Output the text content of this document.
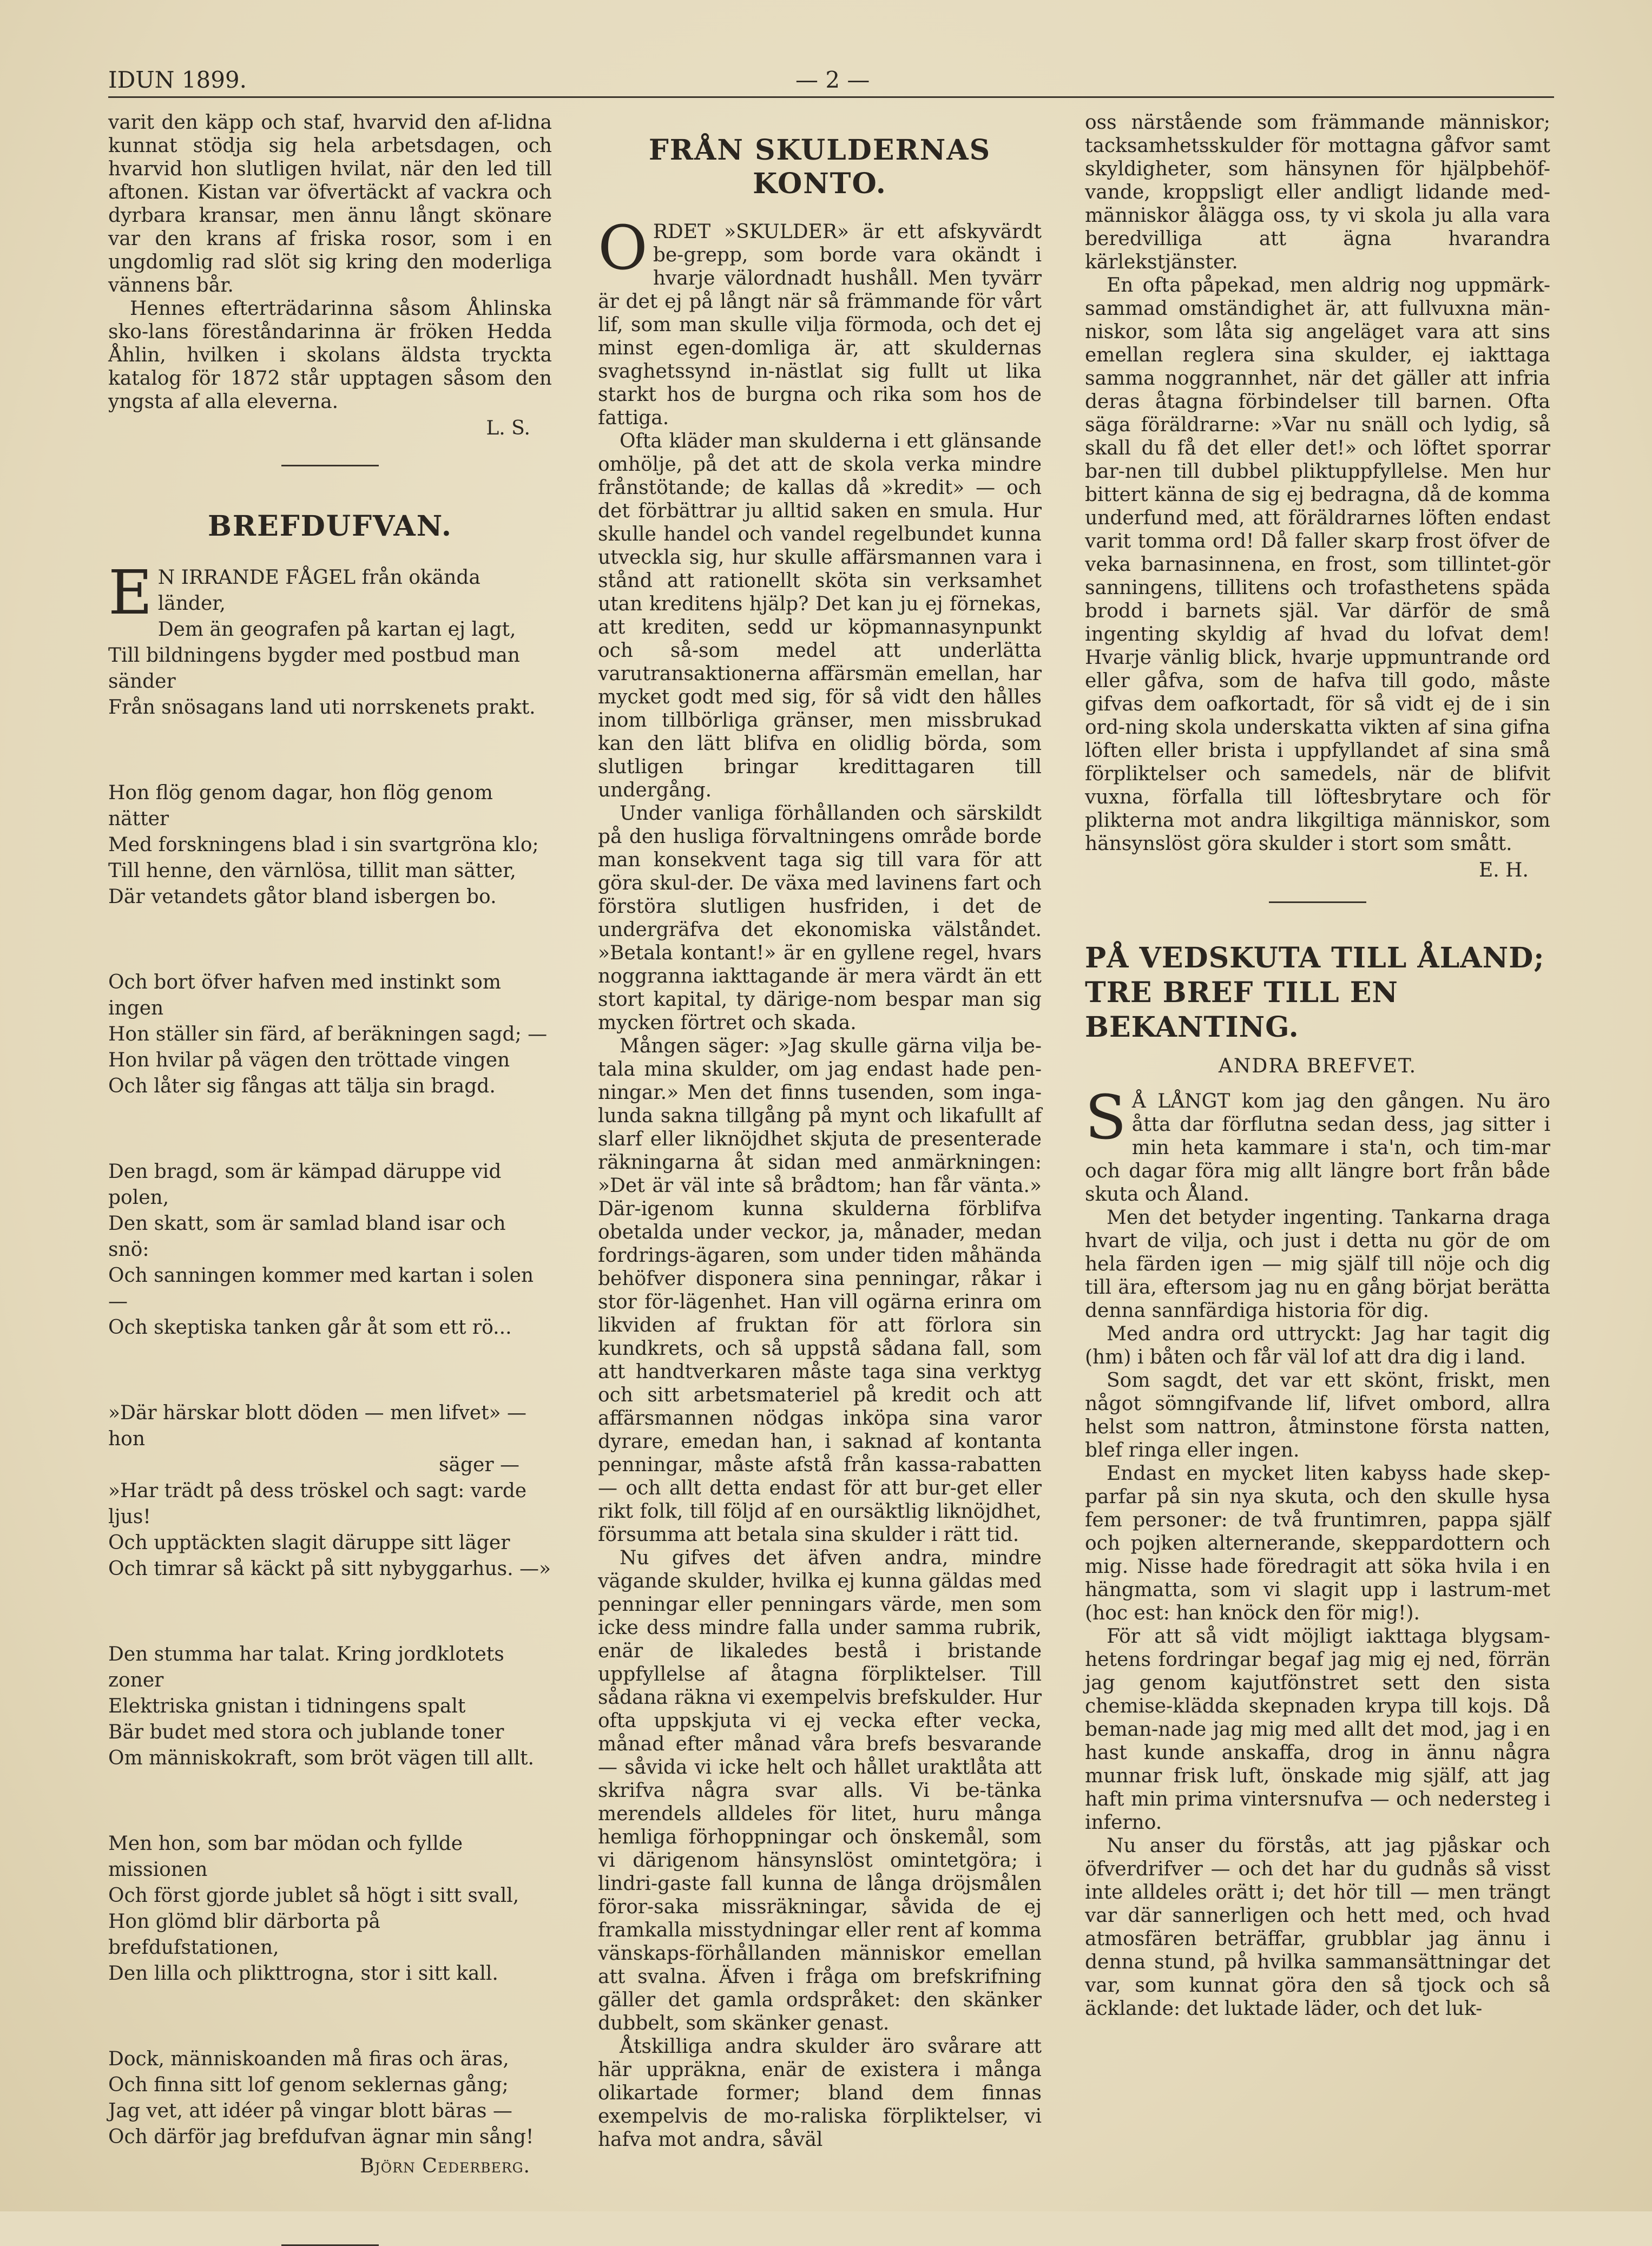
IDUN 1899.	— 2 —

varit den käpp och staf, hvarvid den af-lidna kunnat stödja sig hela arbetsdagen, och hvarvid hon slutligen hvilat, när den led till aftonen. Kistan var öfvertäckt af vackra och dyrbara kransar, men ännu långt skönare var den krans af friska rosor, som i en ungdomlig rad slöt sig kring den moderliga vännens bår.

Hennes efterträdarinna såsom Åhlinska sko-lans föreståndarinna är fröken Hedda Åhlin, hvilken i skolans äldsta tryckta katalog för 1872 står upptagen såsom den yngsta af alla eleverna.

L. S.
BREFDUFVAN.
E N IRRANDE FÅGEL från okända länder,
Dem än geografen på kartan ej lagt,
Till bildningens bygder med postbud man sänder
Från snösagans land uti norrskenets prakt.
Hon flög genom dagar, hon flög genom nätter
Med forskningens blad i sin svartgröna klo;
Till henne, den värnlösa, tillit man sätter,
Där vetandets gåtor bland isbergen bo.
Och bort öfver hafven med instinkt som ingen
Hon ställer sin färd, af beräkningen sagd; —
Hon hvilar på vägen den tröttade vingen
Och låter sig fångas att tälja sin bragd.
Den bragd, som är kämpad däruppe vid polen,
Den skatt, som är samlad bland isar och snö:
Och sanningen kommer med kartan i solen —
Och skeptiska tanken går åt som ett rö...
»Där härskar blott döden — men lifvet» — hon
säger —
»Har trädt på dess tröskel och sagt: varde ljus!
Och upptäckten slagit däruppe sitt läger
Och timrar så käckt på sitt nybyggarhus. —»
Den stumma har talat. Kring jordklotets zoner
Elektriska gnistan i tidningens spalt
Bär budet med stora och jublande toner
Om människokraft, som bröt vägen till allt.
Men hon, som bar mödan och fyllde missionen
Och först gjorde jublet så högt i sitt svall,
Hon glömd blir därborta på brefdufstationen,
Den lilla och plikttrogna, stor i sitt kall.
Dock, människoanden må firas och äras,
Och finna sitt lof genom seklernas gång;
Jag vet, att idéer på vingar blott bäras —
Och därför jag brefdufvan ägnar min sång!
Björn Cederberg.
FRÅN SKULDERNAS KONTO.

ORDET »SKULDER» är ett afskyvärdt be-grepp, som borde vara okändt i hvarje välordnadt hushåll. Men tyvärr är det ej på långt när så främmande för vårt lif, som man skulle vilja förmoda, och det ej minst egen-domliga är, att skuldernas svaghetssynd in-nästlat sig fullt ut lika starkt hos de burgna och rika som hos de fattiga.

Ofta kläder man skulderna i ett glänsande omhölje, på det att de skola verka mindre frånstötande; de kallas då »kredit» — och det förbättrar ju alltid saken en smula. Hur skulle handel och vandel regelbundet kunna utveckla sig, hur skulle affärsmannen vara i stånd att rationellt sköta sin verksamhet utan kreditens hjälp? Det kan ju ej förnekas, att krediten, sedd ur köpmannasynpunkt och så-som medel att underlätta varutransaktionerna affärsmän emellan, har mycket godt med sig, för så vidt den hålles inom tillbörliga gränser, men missbrukad kan den lätt blifva en olidlig börda, som slutligen bringar kredittagaren till undergång.

Under vanliga förhållanden och särskildt på den husliga förvaltningens område borde man konsekvent taga sig till vara för att göra skul-der. De växa med lavinens fart och förstöra slutligen husfriden, i det de undergräfva det ekonomiska välståndet. »Betala kontant!» är en gyllene regel, hvars noggranna iakttagande är mera värdt än ett stort kapital, ty därige-nom bespar man sig mycken förtret och skada.

Mången säger: »Jag skulle gärna vilja be-tala mina skulder, om jag endast hade pen-ningar.» Men det finns tusenden, som inga-lunda sakna tillgång på mynt och likafullt af slarf eller liknöjdhet skjuta de presenterade räkningarna åt sidan med anmärkningen: »Det är väl inte så brådtom; han får vänta.» Där-igenom kunna skulderna förblifva obetalda under veckor, ja, månader, medan fordrings-ägaren, som under tiden måhända behöfver disponera sina penningar, råkar i stor för-lägenhet. Han vill ogärna erinra om likviden af fruktan för att förlora sin kundkrets, och så uppstå sådana fall, som att handtverkaren måste taga sina verktyg och sitt arbetsmateriel på kredit och att affärsmannen nödgas inköpa sina varor dyrare, emedan han, i saknad af kontanta penningar, måste afstå från kassa-rabatten — och allt detta endast för att bur-get eller rikt folk, till följd af en oursäktlig liknöjdhet, försumma att betala sina skulder i rätt tid.

Nu gifves det äfven andra, mindre vägande skulder, hvilka ej kunna gäldas med penningar eller penningars värde, men som icke dess mindre falla under samma rubrik, enär de likaledes bestå i bristande uppfyllelse af åtagna förpliktelser. Till sådana räkna vi exempelvis brefskulder. Hur ofta uppskjuta vi ej vecka efter vecka, månad efter månad våra brefs besvarande — såvida vi icke helt och hållet uraktlåta att skrifva några svar alls. Vi be-tänka merendels alldeles för litet, huru många hemliga förhoppningar och önskemål, som vi därigenom hänsynslöst omintetgöra; i lindri-gaste fall kunna de långa dröjsmålen föror-saka missräkningar, såvida de ej framkalla misstydningar eller rent af komma vänskaps-förhållanden människor emellan att svalna. Äfven i fråga om brefskrifning gäller det gamla ordspråket: den skänker dubbelt, som skänker genast.

Åtskilliga andra skulder äro svårare att här uppräkna, enär de existera i många olikartade former; bland dem finnas exempelvis de mo-raliska förpliktelser, vi hafva mot andra, såväl

oss närstående som främmande människor; tacksamhetsskulder för mottagna gåfvor samt skyldigheter, som hänsynen för hjälpbehöf-vande, kroppsligt eller andligt lidande med-människor ålägga oss, ty vi skola ju alla vara beredvilliga att ägna hvarandra kärlekstjänster.

En ofta påpekad, men aldrig nog uppmärk-sammad omständighet är, att fullvuxna män-niskor, som låta sig angeläget vara att sins emellan reglera sina skulder, ej iakttaga samma noggrannhet, när det gäller att infria deras åtagna förbindelser till barnen. Ofta säga föräldrarne: »Var nu snäll och lydig, så skall du få det eller det!» och löftet sporrar bar-nen till dubbel pliktuppfyllelse. Men hur bittert känna de sig ej bedragna, då de komma underfund med, att föräldrarnes löften endast varit tomma ord! Då faller skarp frost öfver de veka barnasinnena, en frost, som tillintet-gör sanningens, tillitens och trofasthetens späda brodd i barnets själ. Var därför de små ingenting skyldig af hvad du lofvat dem! Hvarje vänlig blick, hvarje uppmuntrande ord eller gåfva, som de hafva till godo, måste gifvas dem oafkortadt, för så vidt ej de i sin ord-ning skola underskatta vikten af sina gifna löften eller brista i uppfyllandet af sina små förpliktelser och samedels, när de blifvit vuxna, förfalla till löftesbrytare och för plikterna mot andra likgiltiga människor, som hänsynslöst göra skulder i stort som smått.

E. H.
PÅ VEDSKUTA TILL ÅLAND; TRE BREF TILL EN BEKANTING.
ANDRA BREFVET.

S Å LÅNGT kom jag den gången. Nu äro åtta dar förflutna sedan dess, jag sitter i min heta kammare i sta'n, och tim-mar och dagar föra mig allt längre bort från både skuta och Åland.

Men det betyder ingenting. Tankarna draga hvart de vilja, och just i detta nu gör de om hela färden igen — mig själf till nöje och dig till ära, eftersom jag nu en gång börjat berätta denna sannfärdiga historia för dig.

Med andra ord uttryckt: Jag har tagit dig (hm) i båten och får väl lof att dra dig i land.

Som sagdt, det var ett skönt, friskt, men något sömngifvande lif, lifvet ombord, allra helst som nattron, åtminstone första natten, blef ringa eller ingen.

Endast en mycket liten kabyss hade skep-parfar på sin nya skuta, och den skulle hysa fem personer: de två fruntimren, pappa själf och pojken alternerande, skeppardottern och mig. Nisse hade föredragit att söka hvila i en hängmatta, som vi slagit upp i lastrum-met (hoc est: han knöck den för mig!).

För att så vidt möjligt iakttaga blygsam-hetens fordringar begaf jag mig ej ned, förrän jag genom kajutfönstret sett den sista chemise-klädda skepnaden krypa till kojs. Då beman-nade jag mig med allt det mod, jag i en hast kunde anskaffa, drog in ännu några munnar frisk luft, önskade mig själf, att jag haft min prima vintersnufva — och nedersteg i inferno.

Nu anser du förstås, att jag pjåskar och öfverdrifver — och det har du gudnås så visst inte alldeles orätt i; det hör till — men trängt var där sannerligen och hett med, och hvad atmosfären beträffar, grubblar jag ännu i denna stund, på hvilka sammansättningar det var, som kunnat göra den så tjock och så äcklande: det luktade läder, och det luk-
